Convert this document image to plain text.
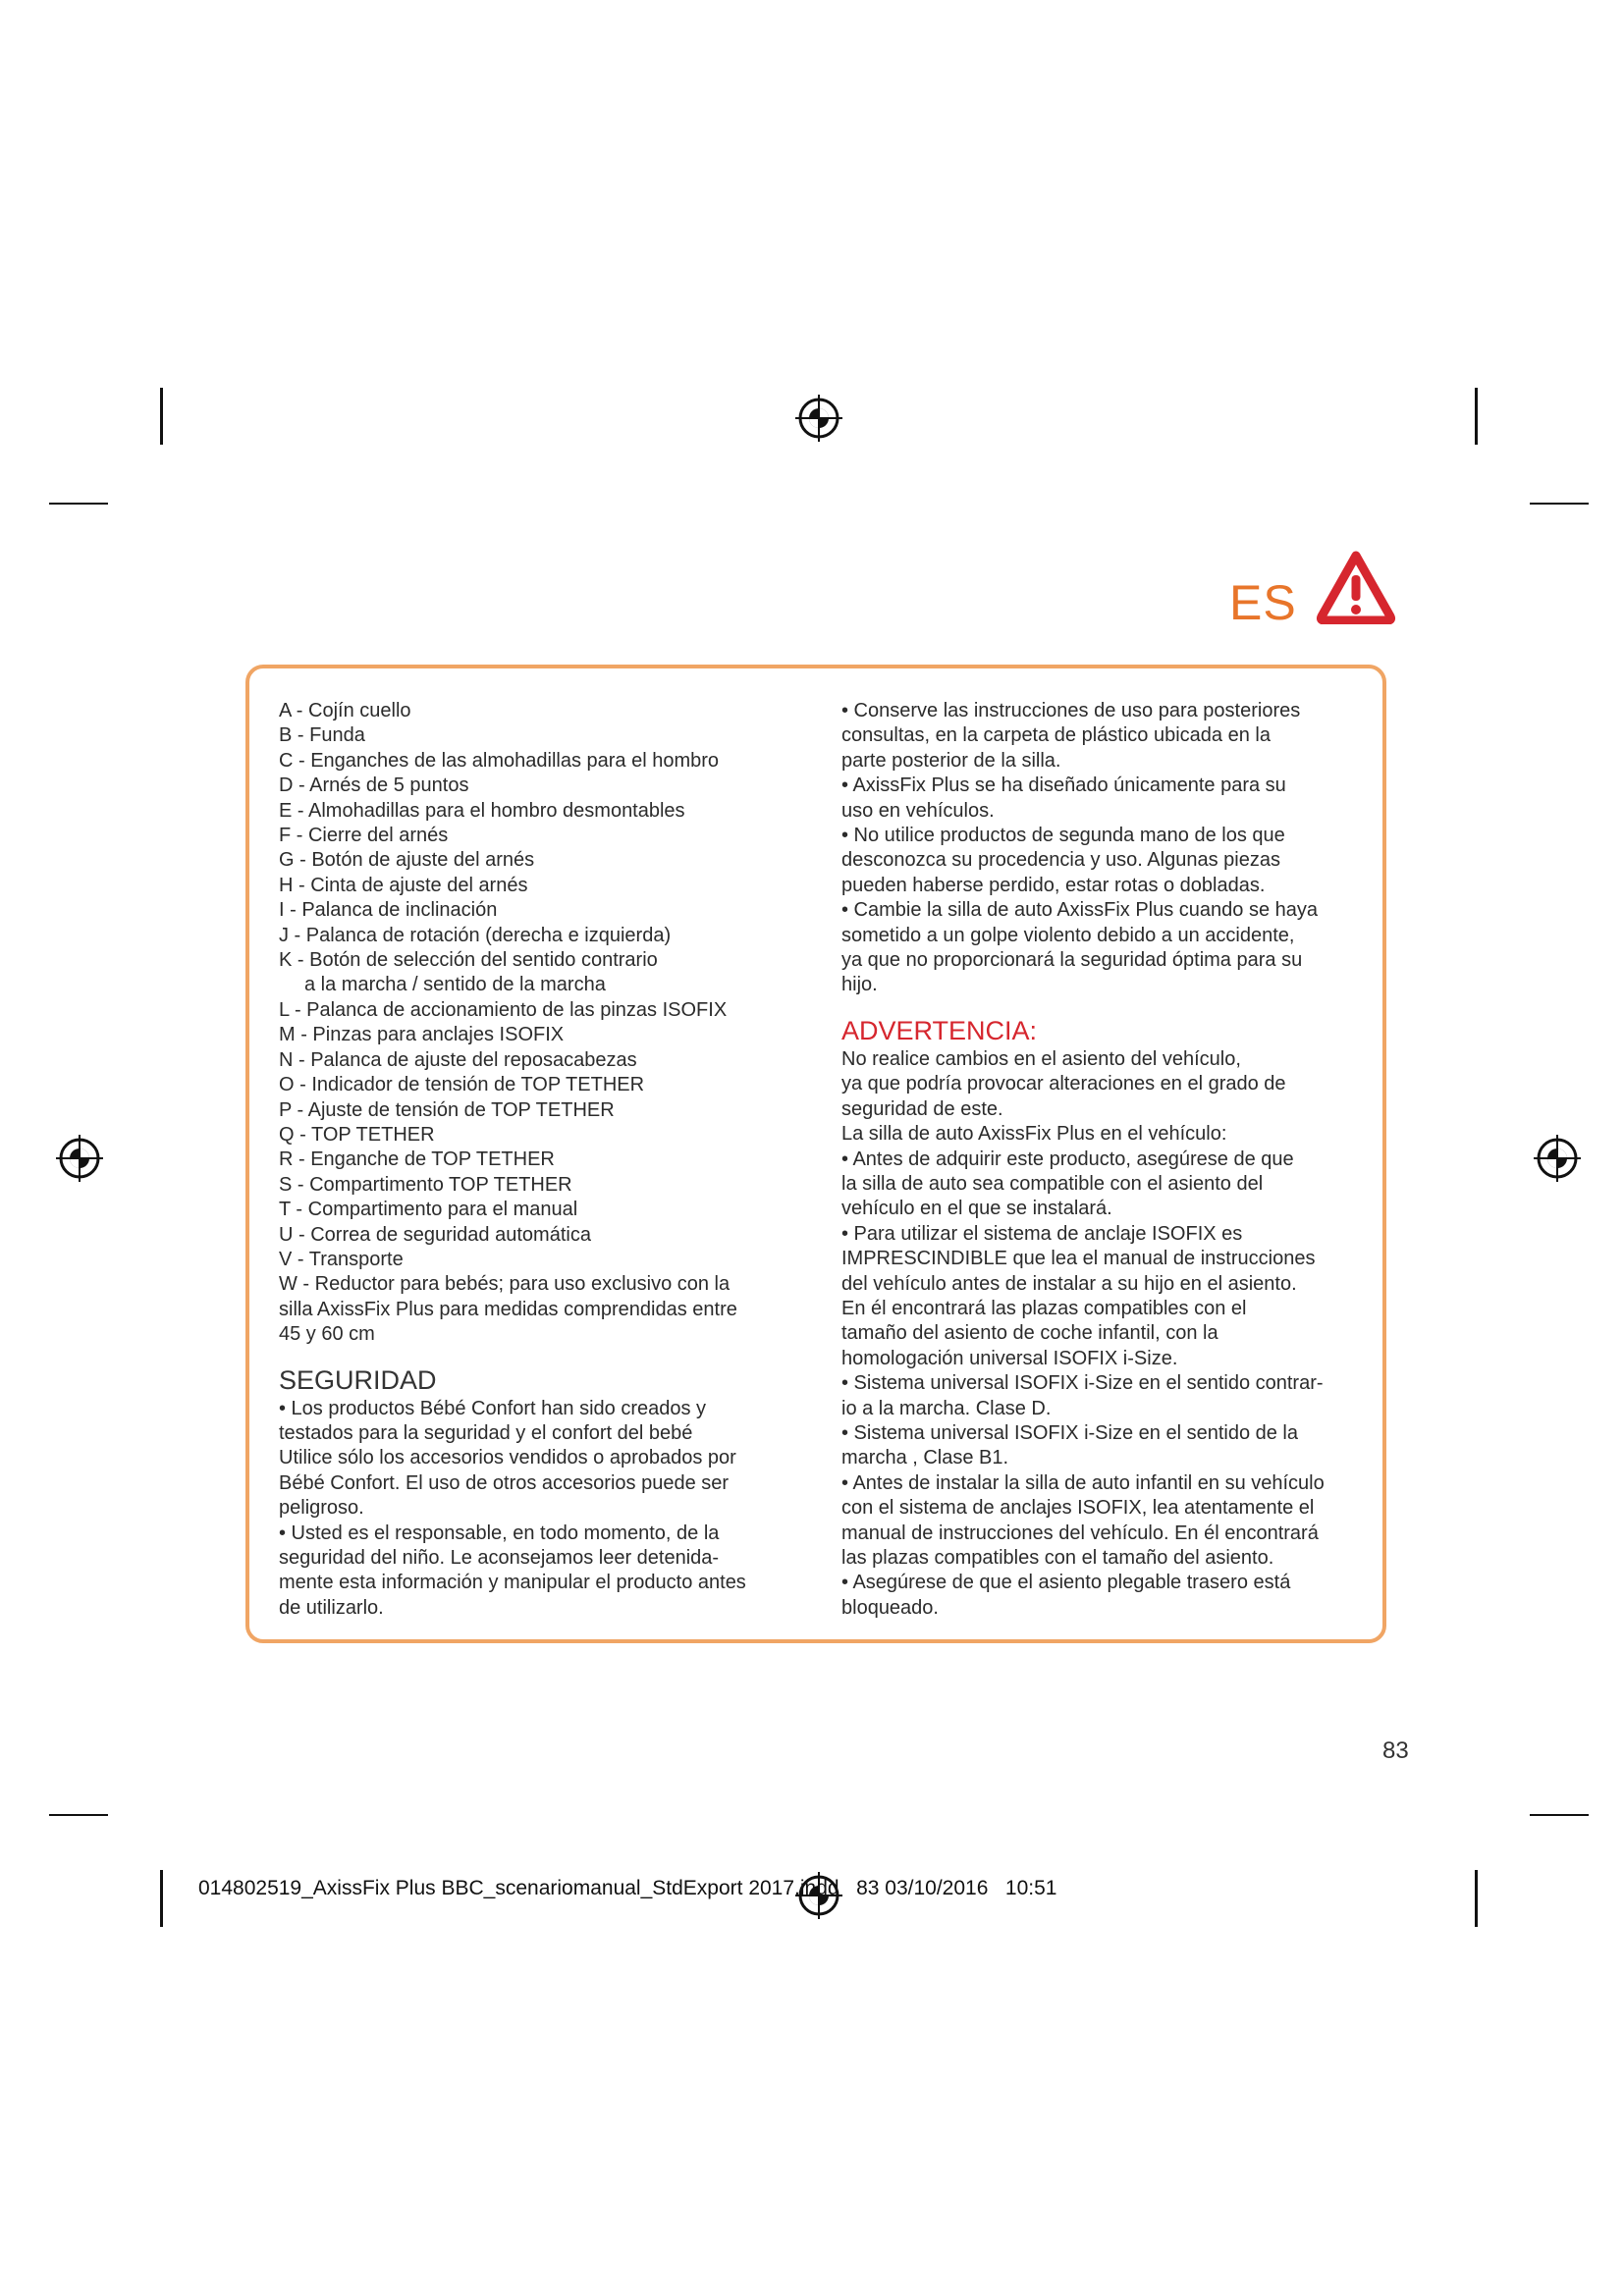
ES

A - Cojín cuello

B - Funda

C - Enganches de las almohadillas para el hombro

D - Arnés de 5 puntos

E - Almohadillas para el hombro desmontables

F - Cierre del arnés

G - Botón de ajuste del arnés

H - Cinta de ajuste del arnés

I - Palanca de inclinación

J - Palanca de rotación (derecha e izquierda)

K - Botón de selección del sentido contrario

a la marcha / sentido de la marcha

L - Palanca de accionamiento de las pinzas ISOFIX

M - Pinzas para anclajes ISOFIX

N - Palanca de ajuste del reposacabezas

O - Indicador de tensión de TOP TETHER

P - Ajuste de tensión de TOP TETHER

Q - TOP TETHER

R - Enganche de TOP TETHER

S - Compartimento TOP TETHER

T - Compartimento para el manual

U - Correa de seguridad automática

V - Transporte

W - Reductor para bebés; para uso exclusivo con la

silla AxissFix Plus para medidas comprendidas entre

45 y 60 cm

SEGURIDAD

• Los productos Bébé Confort han sido creados y

testados para la seguridad y el confort del bebé

Utilice sólo los accesorios vendidos o aprobados por

Bébé Confort. El uso de otros accesorios puede ser

peligroso.

• Usted es el responsable, en todo momento, de la

seguridad del niño. Le aconsejamos leer detenida-

mente esta información y manipular el producto antes

de utilizarlo.

• Conserve las instrucciones de uso para posteriores

consultas, en la carpeta de plástico ubicada en la

parte posterior de la silla.

• AxissFix Plus se ha diseñado únicamente para su

uso en vehículos.

• No utilice productos de segunda mano de los que

desconozca su procedencia y uso. Algunas piezas

pueden haberse perdido, estar rotas o dobladas.

• Cambie la silla de auto AxissFix Plus cuando se haya

sometido a un golpe violento debido a un accidente,

ya que no proporcionará la seguridad óptima para su

hijo.

ADVERTENCIA:

No realice cambios en el asiento del vehículo,

ya que podría provocar alteraciones en el grado de

seguridad de este.

La silla de auto AxissFix Plus en el vehículo:

• Antes de adquirir este producto, asegúrese de que

la silla de auto sea compatible con el asiento del

vehículo en el que se instalará.

• Para utilizar el sistema de anclaje ISOFIX es

IMPRESCINDIBLE que lea el manual de instrucciones

del vehículo antes de instalar a su hijo en el asiento.

En él encontrará las plazas compatibles con el

tamaño del asiento de coche infantil, con la

homologación universal ISOFIX i-Size.

• Sistema universal ISOFIX i-Size en el sentido contrar-

io a la marcha. Clase D.

• Sistema universal ISOFIX i-Size en el sentido de la

marcha , Clase B1.

• Antes de instalar la silla de auto infantil en su vehículo

con el sistema de anclajes ISOFIX, lea atentamente el

manual de instrucciones del vehículo. En él encontrará

las plazas compatibles con el tamaño del asiento.

• Asegúrese de que el asiento plegable trasero está

bloqueado.

83
014802519_AxissFix Plus BBC_scenariomanual_StdExport 2017.indd 83 03/10/2016 10:51
